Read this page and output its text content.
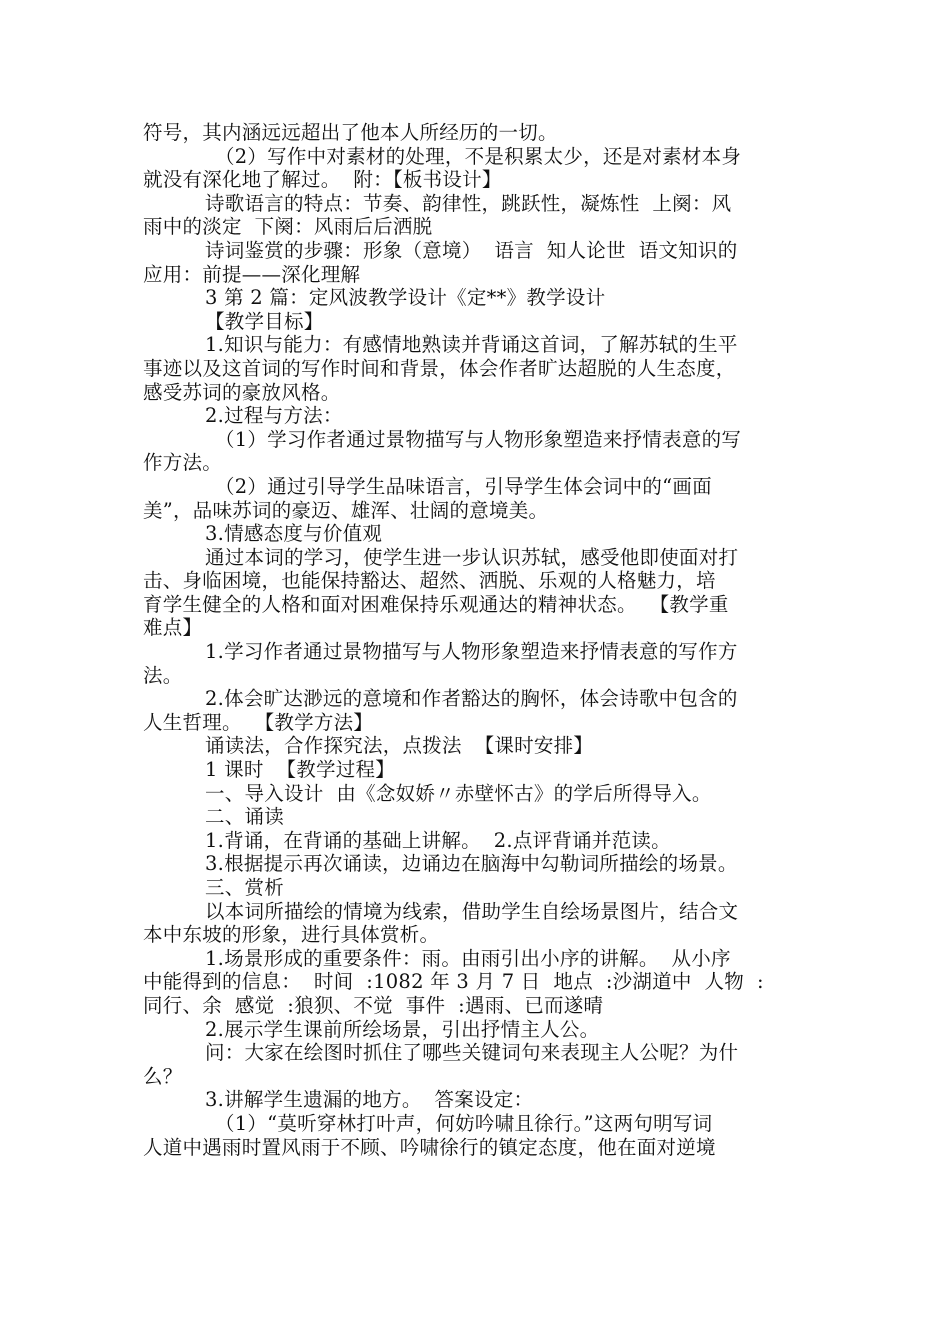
符号，其内涵远远超出了他本人所经历的一切。
（2）写作中对素材的处理，不是积累太少，还是对素材本身
就没有深化地了解过。  附：【板书设计】
诗歌语言的特点：节奏、韵律性，跳跃性，凝炼性  上阕：风
雨中的淡定  下阕：风雨后后洒脱
诗词鉴赏的步骤：形象（意境）  语言  知人论世  语文知识的
应用：前提——深化理解
3 第 2 篇：定风波教学设计《定**》教学设计
【教学目标】
1.知识与能力：有感情地熟读并背诵这首词，了解苏轼的生平
事迹以及这首词的写作时间和背景，体会作者旷达超脱的人生态度，
感受苏词的豪放风格。
2.过程与方法：
（1）学习作者通过景物描写与人物形象塑造来抒情表意的写
作方法。
（2）通过引导学生品味语言，引导学生体会词中的“画面
美”，品味苏词的豪迈、雄浑、壮阔的意境美。
3.情感态度与价值观
通过本词的学习，使学生进一步认识苏轼，感受他即使面对打
击、身临困境，也能保持豁达、超然、洒脱、乐观的人格魅力，培
育学生健全的人格和面对困难保持乐观通达的精神状态。  【教学重
难点】
1.学习作者通过景物描写与人物形象塑造来抒情表意的写作方
法。
2.体会旷达渺远的意境和作者豁达的胸怀，体会诗歌中包含的
人生哲理。  【教学方法】
诵读法，合作探究法，点拨法  【课时安排】
1 课时  【教学过程】
一、导入设计  由《念奴娇〃赤壁怀古》的学后所得导入。
二、诵读
1.背诵，在背诵的基础上讲解。  2.点评背诵并范读。
3.根据提示再次诵读，边诵边在脑海中勾勒词所描绘的场景。
三、赏析
以本词所描绘的情境为线索，借助学生自绘场景图片，结合文
本中东坡的形象，进行具体赏析。
1.场景形成的重要条件：雨。由雨引出小序的讲解。  从小序
中能得到的信息：  时间  :1082 年 3 月 7 日  地点  :沙湖道中  人物  :
同行、余  感觉  :狼狈、不觉  事件  :遇雨、已而遂晴
2.展示学生课前所绘场景，引出抒情主人公。
问：大家在绘图时抓住了哪些关键词句来表现主人公呢？为什
么？
3.讲解学生遗漏的地方。  答案设定：
（1）“莫听穿林打叶声，何妨吟啸且徐行。”这两句明写词
人道中遇雨时置风雨于不顾、吟啸徐行的镇定态度，他在面对逆境
